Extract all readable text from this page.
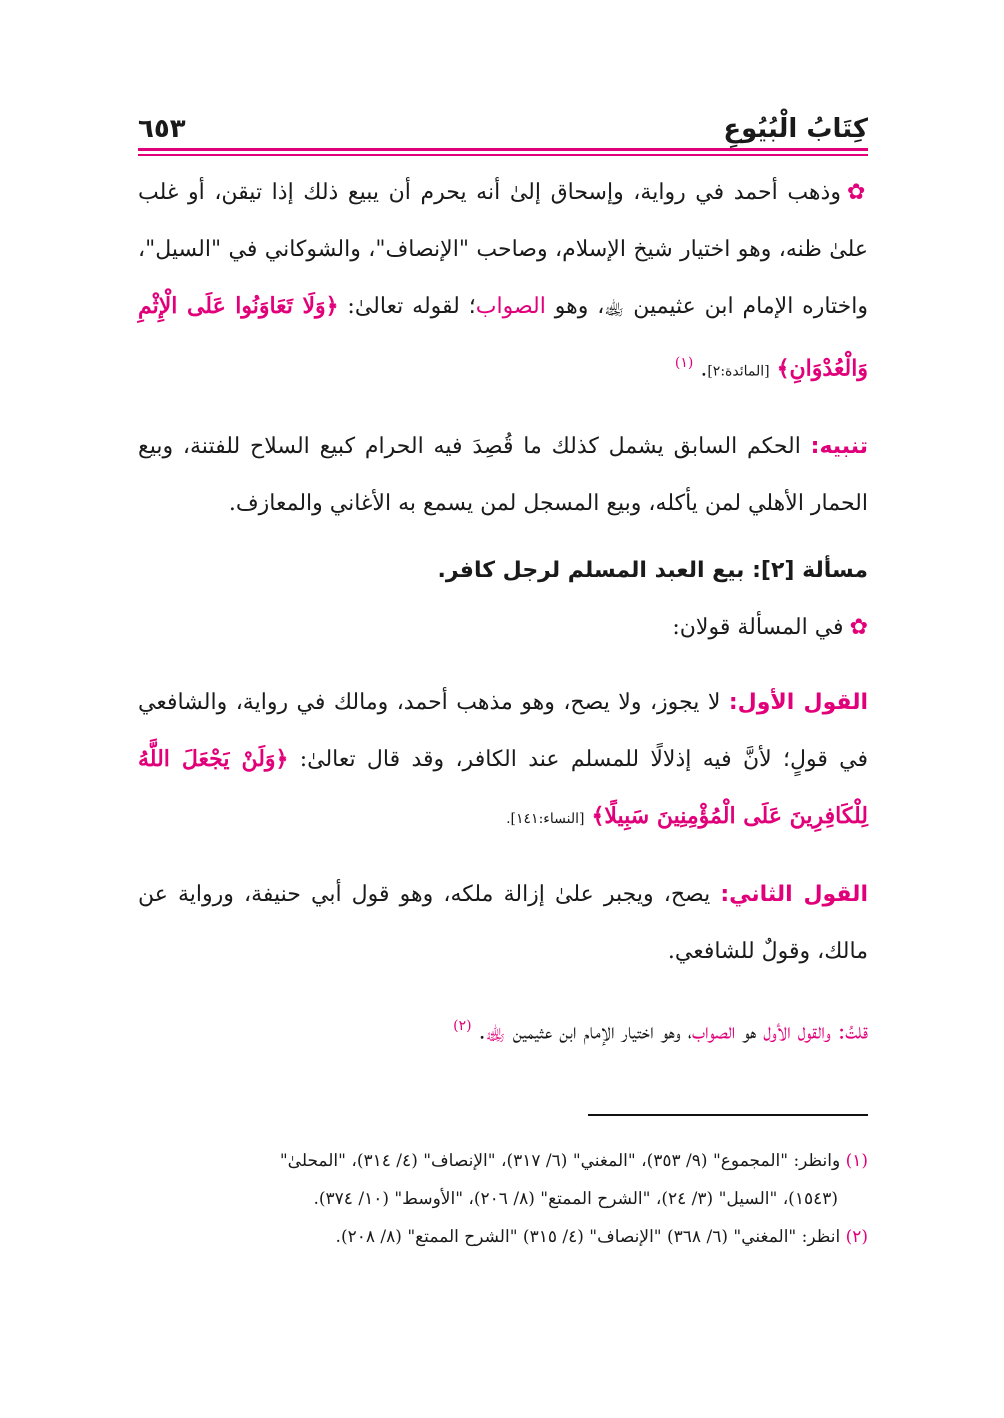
كِتَابُ الْبُيُوعِ
٦٥٣

✿وذهب أحمد في رواية، وإسحاق إلىٰ أنه يحرم أن يبيع ذلك إذا تيقن، أو غلب علىٰ ظنه، وهو اختيار شيخ الإسلام، وصاحب "الإنصاف"، والشوكاني في "السيل"، واختاره الإمام ابن عثيمين ﵀، وهو الصواب؛ لقوله تعالىٰ: ﴿وَلَا تَعَاوَنُوا عَلَى الْإِثْمِ وَالْعُدْوَانِ﴾ [المائدة:٢]. $^{(١)}$

تنبيه: الحكم السابق يشمل كذلك ما قُصِدَ فيه الحرام كبيع السلاح للفتنة، وبيع الحمار الأهلي لمن يأكله، وبيع المسجل لمن يسمع به الأغاني والمعازف.

مسألة [٢]: بيع العبد المسلم لرجل كافر.

✿في المسألة قولان:

القول الأول: لا يجوز، ولا يصح، وهو مذهب أحمد، ومالك في رواية، والشافعي في قولٍ؛ لأنَّ فيه إذلالًا للمسلم عند الكافر، وقد قال تعالىٰ: ﴿وَلَنْ يَجْعَلَ اللَّهُ لِلْكَافِرِينَ عَلَى الْمُؤْمِنِينَ سَبِيلًا﴾ [النساء:١٤١].

القول الثاني: يصح، ويجبر علىٰ إزالة ملكه، وهو قول أبي حنيفة، ورواية عن مالك، وقولٌ للشافعي.

قلتُ: والقول الأول هو الصواب، وهو اختيار الإمام ابن عثيمين ﵀. $^{(٢)}$

(١) وانظر: "المجموع" (٩/ ٣٥٣)، "المغني" (٦/ ٣١٧)، "الإنصاف" (٤/ ٣١٤)، "المحلىٰ"
(١٥٤٣)، "السيل" (٣/ ٢٤)، "الشرح الممتع" (٨/ ٢٠٦)، "الأوسط" (١٠/ ٣٧٤).

(٢) انظر: "المغني" (٦/ ٣٦٨) "الإنصاف" (٤/ ٣١٥) "الشرح الممتع" (٨/ ٢٠٨).
